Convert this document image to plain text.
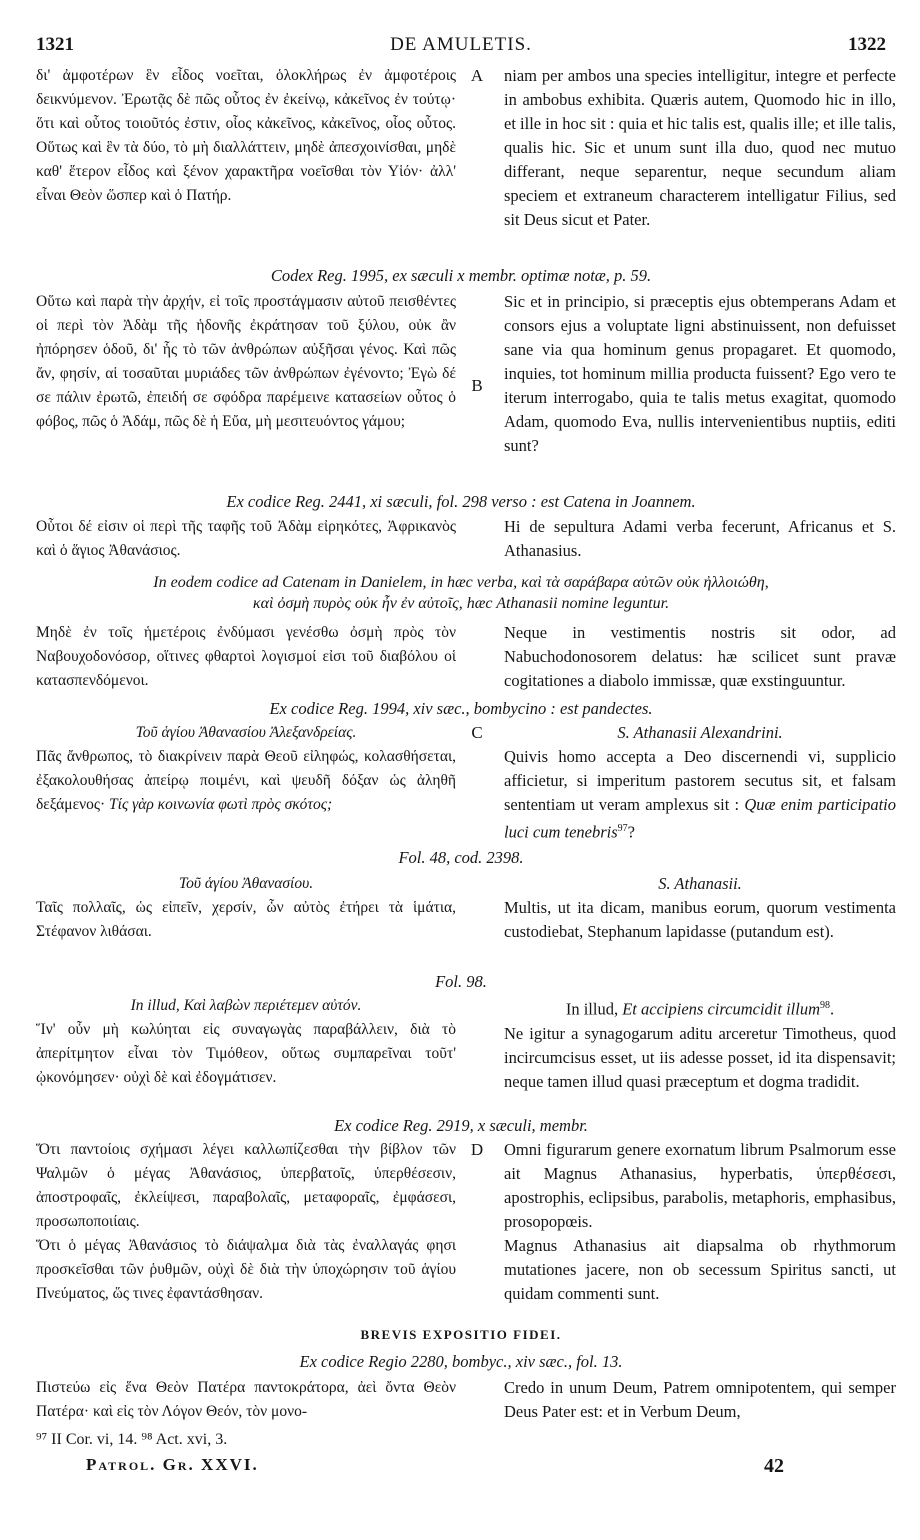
1321	DE AMULETIS.	1322
δι' ἀμφοτέρων ἓν εἶδος νοεῖται, ὁλοκλήρως ἐν ἀμφοτέροις δεικνύμενον. Ἐρωτᾷς δὲ πῶς οὗτος ἐν ἐκείνῳ, κἀκεῖνος ἐν τούτῳ· ὅτι καὶ οὗτος τοιοῦτός ἐστιν, οἷος κἀκεῖνος, κἀκεῖνος, οἷος οὗτος. Οὕτως καὶ ἓν τὰ δύο, τὸ μὴ διαλλάττειν, μηδὲ ἀπεσχοινίσθαι, μηδὲ καθ' ἕτερον εἶδος καὶ ξένον χαρακτῆρα νοεῖσθαι τὸν Υἱόν· ἀλλ' εἶναι Θεὸν ὥσπερ καὶ ὁ Πατήρ.
A	niam per ambos una species intelligitur, integre et perfecte in ambobus exhibita. Quæris autem, Quomodo hic in illo, et ille in hoc sit : quia et hic talis est, qualis ille; et ille talis, qualis hic. Sic et unum sunt illa duo, quod nec mutuo differant, neque separentur, neque secundum aliam speciem et extraneum characterem intelligatur Filius, sed sit Deus sicut et Pater.
Codex Reg. 1995, ex sæculi x membr. optimæ notæ, p. 59.
Οὕτω καὶ παρὰ τὴν ἀρχήν, εἰ τοῖς προστάγμασιν αὐτοῦ πεισθέντες οἱ περὶ τὸν Ἀδὰμ τῆς ἡδονῆς ἐκράτησαν τοῦ ξύλου, οὐκ ἂν ἠπόρησεν ὁδοῦ, δι' ἧς τὸ τῶν ἀνθρώπων αὐξῆσαι γένος. Καὶ πῶς ἄν, φησίν, αἱ τοσαῦται μυριάδες τῶν ἀνθρώπων ἐγένοντο; Ἐγὼ δέ σε πάλιν ἐρωτῶ, ἐπειδή σε σφόδρα παρέμεινε κατασείων οὗτος ὁ φόβος, πῶς ὁ Ἀδάμ, πῶς δὲ ἡ Εὔα, μὴ μεσιτευόντος γάμου;
B
Sic et in principio, si præceptis ejus obtemperans Adam et consors ejus a voluptate ligni abstinuissent, non defuisset sane via qua hominum genus propagaret. Et quomodo, inquies, tot hominum millia producta fuissent? Ego vero te iterum interrogabo, quia te talis metus exagitat, quomodo Adam, quomodo Eva, nullis intervenientibus nuptiis, editi sunt?
Ex codice Reg. 2441, xi sæculi, fol. 298 verso : est Catena in Joannem.
Οὗτοι δέ εἰσιν οἱ περὶ τῆς ταφῆς τοῦ Ἀδὰμ εἰρηκότες, Ἀφρικανὸς καὶ ὁ ἅγιος Ἀθανάσιος.
Hi de sepultura Adami verba fecerunt, Africanus et S. Athanasius.
In eodem codice ad Catenam in Danielem, in hæc verba, καὶ τὰ σαράβαρα αὐτῶν οὐκ ἠλλοιώθη,
καὶ ὀσμὴ πυρὸς οὐκ ἦν ἐν αὐτοῖς, hæc Athanasii nomine leguntur.
Μηδὲ ἐν τοῖς ἡμετέροις ἐνδύμασι γενέσθω ὀσμὴ πρὸς τὸν Ναβουχοδονόσορ, οἵτινες φθαρτοὶ λογισμοί εἰσι τοῦ διαβόλου οἱ κατασπενδόμενοι.
Neque in vestimentis nostris sit odor, ad Nabuchodonosorem delatus: hæ scilicet sunt pravæ cogitationes a diabolo immissæ, quæ exstinguuntur.
Ex codice Reg. 1994, xiv sæc., bombycino : est pandectes.
Τοῦ ἁγίου Ἀθανασίου Ἀλεξανδρείας.
Πᾶς ἄνθρωπος, τὸ διακρίνειν παρὰ Θεοῦ εἰληφώς, κολασθήσεται, ἐξακολουθήσας ἀπείρῳ ποιμένι, καὶ ψευδῆ δόξαν ὡς ἀληθῆ δεξάμενος· Τίς γὰρ κοινωνία φωτὶ πρὸς σκότος;
C	S. Athanasii Alexandrini.
Quivis homo accepta a Deo discernendi vi, supplicio afficietur, si imperitum pastorem secutus sit, et falsam sententiam ut veram amplexus sit : Quæ enim participatio luci cum tenebris$^{97}$?
Fol. 48, cod. 2398.
Τοῦ ἁγίου Ἀθανασίου.
Ταῖς πολλαῖς, ὡς εἰπεῖν, χερσίν, ὧν αὐτὸς ἐτήρει τὰ ἱμάτια, Στέφανον λιθάσαι.
S. Athanasii.
Multis, ut ita dicam, manibus eorum, quorum vestimenta custodiebat, Stephanum lapidasse (putandum est).
Fol. 98.
In illud, Καὶ λαβὼν περιέτεμεν αὐτόν.
Ἵν' οὖν μὴ κωλύηται εἰς συναγωγὰς παραβάλλειν, διὰ τὸ ἀπερίτμητον εἶναι τὸν Τιμόθεον, οὕτως συμπαρεῖναι τοῦτ' ᾠκονόμησεν· οὐχὶ δὲ καὶ ἐδογμάτισεν.
In illud, Et accipiens circumcidit illum$^{98}$.
Ne igitur a synagogarum aditu arceretur Timotheus, quod incircumcisus esset, ut iis adesse posset, id ita dispensavit; neque tamen illud quasi præceptum et dogma tradidit.
Ex codice Reg. 2919, x sæculi, membr.
Ὅτι παντοίοις σχήμασι λέγει καλλωπίζεσθαι τὴν βίβλον τῶν Ψαλμῶν ὁ μέγας Ἀθανάσιος, ὑπερβατοῖς, ὑπερθέσεσιν, ἀποστροφαῖς, ἐκλείψεσι, παραβολαῖς, μεταφοραῖς, ἐμφάσεσι, προσωποποιίαις.
Ὅτι ὁ μέγας Ἀθανάσιος τὸ διάψαλμα διὰ τὰς ἐναλλαγάς φησι προσκεῖσθαι τῶν ῥυθμῶν, οὐχὶ δὲ διὰ τὴν ὑποχώρησιν τοῦ ἁγίου Πνεύματος, ὥς τινες ἐφαντάσθησαν.
D	Omni figurarum genere exornatum librum Psalmorum esse ait Magnus Athanasius, hyperbatis, ὑπερθέσεσι, apostrophis, eclipsibus, parabolis, metaphoris, emphasibus, prosopopœis.
Magnus Athanasius ait diapsalma ob rhythmorum mutationes jacere, non ob secessum Spiritus sancti, ut quidam commenti sunt.
BREVIS EXPOSITIO FIDEI.
Ex codice Regio 2280, bombyc., xiv sæc., fol. 13.
Πιστεύω εἰς ἕνα Θεὸν Πατέρα παντοκράτορα, ἀεὶ ὄντα Θεὸν Πατέρα· καὶ εἰς τὸν Λόγον Θεόν, τὸν μονο-
Credo in unum Deum, Patrem omnipotentem, qui semper Deus Pater est: et in Verbum Deum,
⁹⁷ II Cor. vi, 14. ⁹⁸ Act. xvi, 3.
Patrol. Gr. XXVI.	42
